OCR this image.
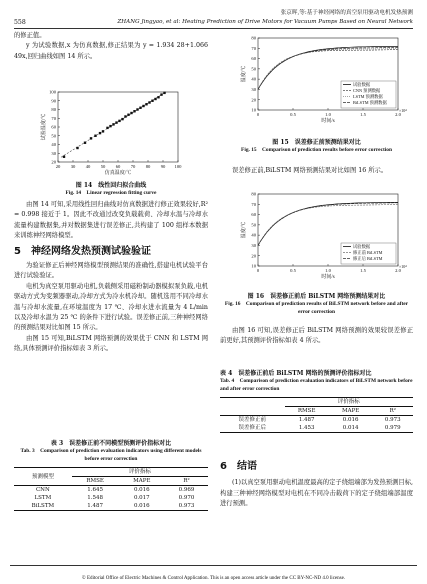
张京晖,等:基于神经网络的真空泵用驱动电机发热预测
558	ZHANG Jingyao, et al: Heating Prediction of Drive Motors for Vacuum Pumps Based on Neural Network

的修正值。

y 为试验数据,x 为仿真数据,修正结果为 y = 1.934 28+1.066 49x,回归曲线如图 14 所示。

20 30 40 50 60 70 80 90 100
20
30
40
50
60
70
80
90
100
仿真温度/℃
试验温度/℃
图 14　线性回归拟合曲线
Fig. 14　Linear regression fitting curve

由图 14 可知,采用线性回归曲线对仿真数据进行修正效果较好,R² = 0.998 接近于 1。因此不改通过改变负载载荷、冷却水温与冷却水流量构建数据集,并对数据集进行误差修正,共构建了 100 组样本数据来训练神经网络模型。

5 神经网络发热预测试验验证

为验证修正后神经网络模型预测结果的准确性,搭建电机试验平台进行试验验证。

电机为真空泵用驱动电机,负载侧采用磁粉制动器模拟泵负载,电机驱动方式为变频器驱动,冷却方式为冷水机冷却。随机选用不同冷却水温与冷却水流量,在环境温度为 17 ℃、冷却水进水流量为 4 L/min 以及冷却水温为 25 ℃ 的条件下进行试验。误差修正前,三种神经网络的预测结果对比如图 15 所示。

由图 15 可知,BiLSTM 网络预测的效果优于 CNN 和 LSTM 网络,具体预测评价指标如表 3 所示。

表 3　误差修正前不同模型预测评价指标对比
Tab. 3　Comparison of prediction evaluation indicators using different models before error correction
预测模型	评价指标		
	RMSE	MAPE	R²
CNN	1.645	0.016	0.969
LSTM	1.548	0.017	0.970
BiLSTM	1.487	0.016	0.973
0	0.5	1.0	1.5	2.0
10
20
30
40
50
60
70
80
时间/s
温度/℃
×10⁴
试验数据
CNN 预测数据
LSTM 预测数据
BiLSTM 预测数据
图 15　误差修正前预测结果对比
Fig. 15　Comparison of prediction results before error correction

误差修正前,BiLSTM 网络预测结果对比如图 16 所示。

0	0.5	1.0	1.5	2.0
10
20
30
40
50
60
70
80
时间/s
温度/℃
×10⁴
试验数据
修正前 BiLSTM
修正后 BiLSTM
图 16　误差修正前后 BiLSTM 网络预测结果对比
Fig. 16　Comparison of prediction results of BiLSTM network before and after error correction

由图 16 可知,误差修正后 BiLSTM 网络预测的效果较误差修正前更好,其预测评价指标如表 4 所示。

表 4　误差修正前后 BiLSTM 网络的预测评价指标对比
Tab. 4　Comparison of prediction evaluation indicators of BiLSTM network before and after error correction
	评价指标		
	RMSE	MAPE	R²
误差修正前	1.487	0.016	0.973
误差修正后	1.453	0.014	0.979
6 结语

(1)以真空泵用驱动电机温度最高的定子绕组端部为发热预测目标,构建三种神经网络模型对电机在不同冷击载荷下的定子绕组端部温度进行预测。

© Editorial Office of Electric Machines & Control Application. This is an open access article under the CC BY-NC-ND 4.0 license.
